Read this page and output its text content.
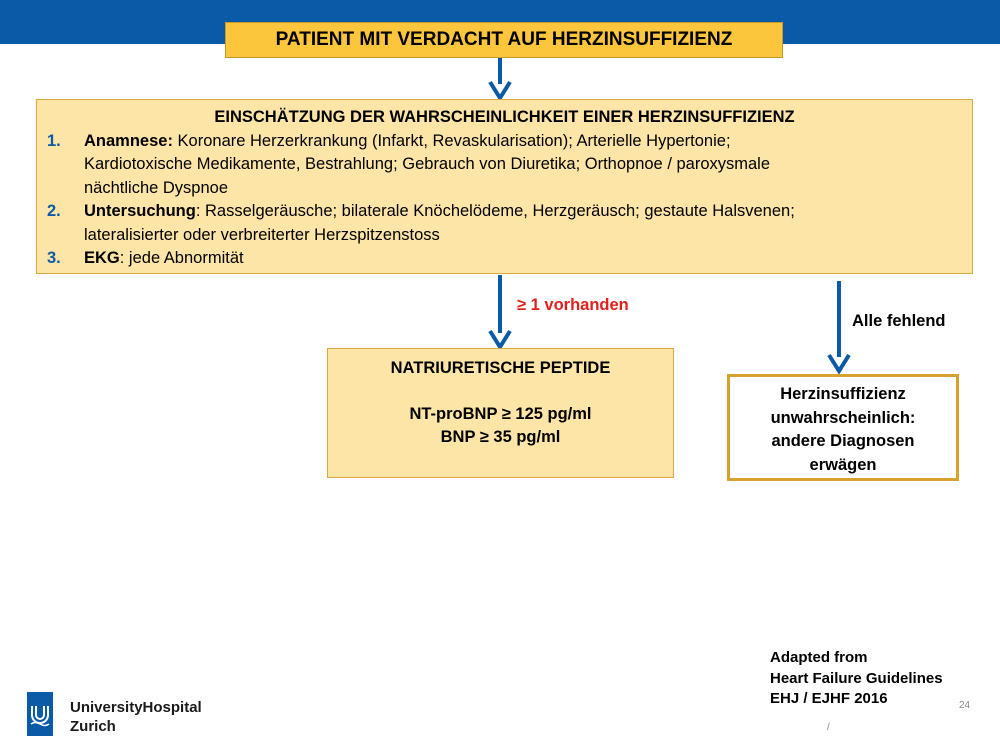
PATIENT MIT VERDACHT AUF HERZINSUFFIZIENZ
EINSCHÄTZUNG DER WAHRSCHEINLICHKEIT EINER HERZINSUFFIZIENZ
1.	Anamnese: Koronare Herzerkrankung (Infarkt, Revaskularisation); Arterielle Hypertonie;
Kardiotoxische Medikamente, Bestrahlung; Gebrauch von Diuretika; Orthopnoe / paroxysmale
nächtliche Dyspnoe
2.	Untersuchung: Rasselgeräusche; bilaterale Knöchelödeme, Herzgeräusch; gestaute Halsvenen;
lateralisierter oder verbreiterter Herzspitzenstoss
3.	EKG: jede Abnormität
≥ 1 vorhanden
Alle fehlend
NATRIURETISCHE PEPTIDE
NT-proBNP ≥ 125 pg/ml
BNP ≥ 35 pg/ml
Herzinsuffizienz
unwahrscheinlich:
andere Diagnosen
erwägen
Adapted from
Heart Failure Guidelines
EHJ / EJHF 2016	24
/
UniversityHospital
Zurich
